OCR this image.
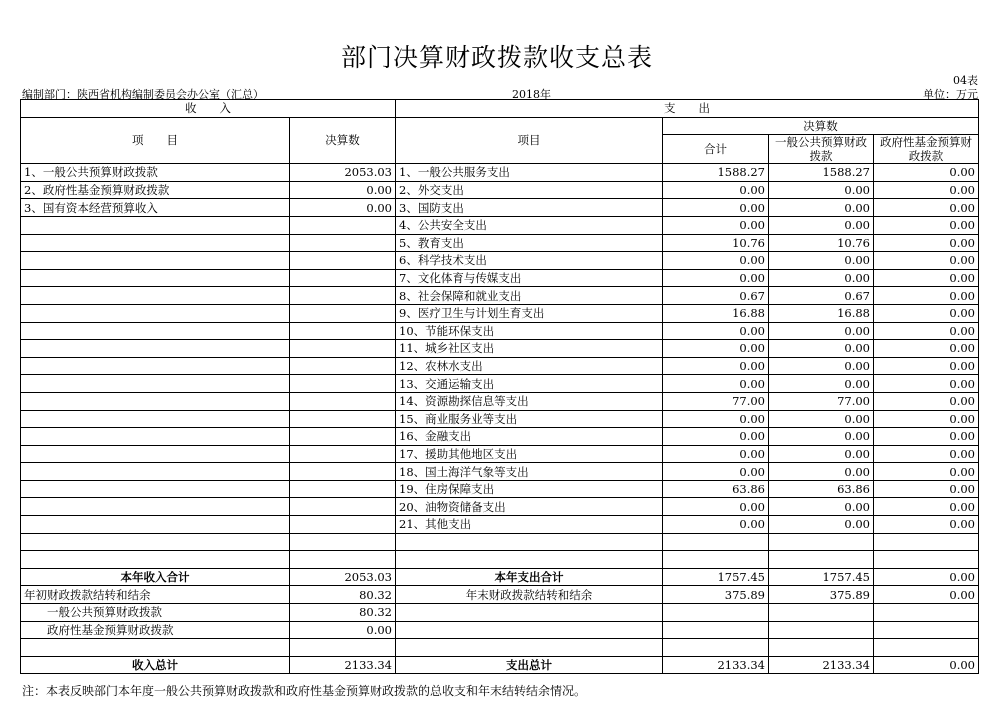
部门决算财政拨款收支总表
04表
编制部门：陕西省机构编制委员会办公室（汇总）	2018年	单位：万元
收　　入		支　　出			
项　　目	决算数	项目	决算数		
			合计	一般公共预算财政拨款	政府性基金预算财政拨款

1、一般公共预算财政拨款	2053.03	1、一般公共服务支出	1588.27	1588.27	0.00
2、政府性基金预算财政拨款	0.00	2、外交支出	0.00	0.00	0.00
3、国有资本经营预算收入	0.00	3、国防支出	0.00	0.00	0.00
		4、公共安全支出	0.00	0.00	0.00
		5、教育支出	10.76	10.76	0.00
		6、科学技术支出	0.00	0.00	0.00
		7、文化体育与传媒支出	0.00	0.00	0.00
		8、社会保障和就业支出	0.67	0.67	0.00
		9、医疗卫生与计划生育支出	16.88	16.88	0.00
		10、节能环保支出	0.00	0.00	0.00
		11、城乡社区支出	0.00	0.00	0.00
		12、农林水支出	0.00	0.00	0.00
		13、交通运输支出	0.00	0.00	0.00
		14、资源勘探信息等支出	77.00	77.00	0.00
		15、商业服务业等支出	0.00	0.00	0.00
		16、金融支出	0.00	0.00	0.00
		17、援助其他地区支出	0.00	0.00	0.00
		18、国土海洋气象等支出	0.00	0.00	0.00
		19、住房保障支出	63.86	63.86	0.00
		20、油物资储备支出	0.00	0.00	0.00
		21、其他支出	0.00	0.00	0.00

本年收入合计	2053.03	本年支出合计	1757.45	1757.45	0.00
年初财政拨款结转和结余	80.32	年末财政拨款结转和结余	375.89	375.89	0.00
一般公共预算财政拨款	80.32				
政府性基金预算财政拨款	0.00				

收入总计	2133.34	支出总计	2133.34	2133.34	0.00
注：本表反映部门本年度一般公共预算财政拨款和政府性基金预算财政拨款的总收支和年末结转结余情况。
